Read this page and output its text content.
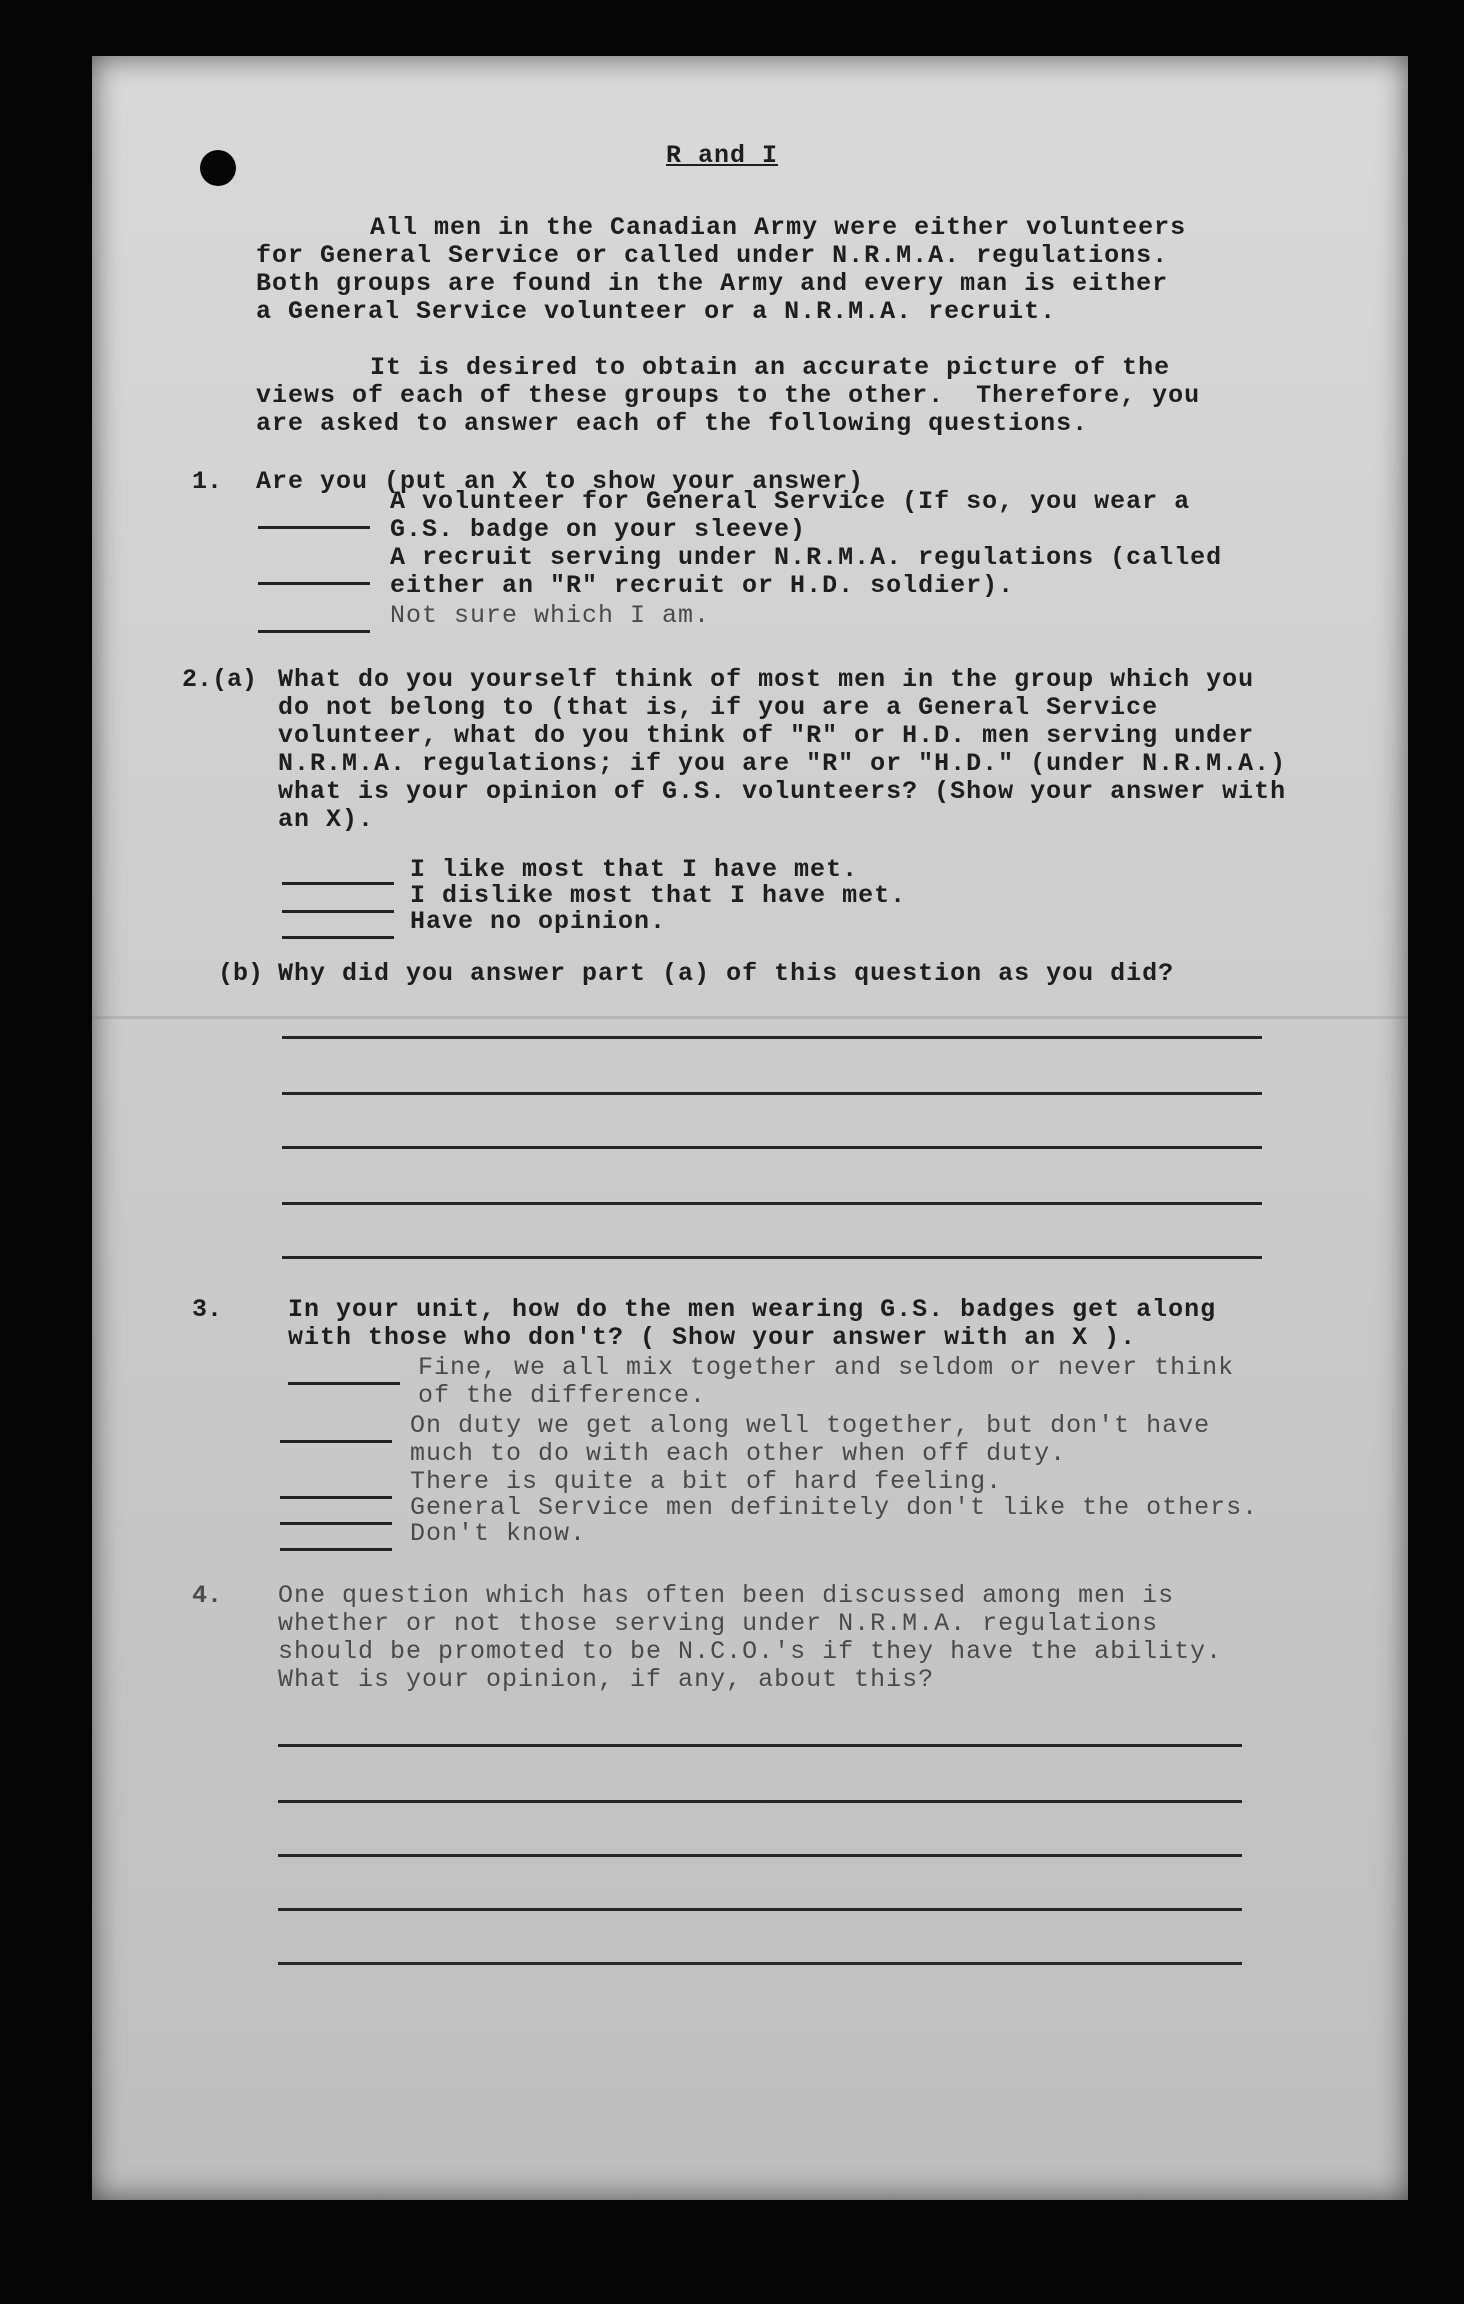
R and I
All men in the Canadian Army were either volunteers
for General Service or called under N.R.M.A. regulations.
Both groups are found in the Army and every man is either
a General Service volunteer or a N.R.M.A. recruit.
It is desired to obtain an accurate picture of the
views of each of these groups to the other.  Therefore, you
are asked to answer each of the following questions.
1. Are you (put an X to show your answer)
A volunteer for General Service (If so, you wear a
G.S. badge on your sleeve)
A recruit serving under N.R.M.A. regulations (called
either an "R" recruit or H.D. soldier).
Not sure which I am.
2.(a) What do you yourself think of most men in the group which you
do not belong to (that is, if you are a General Service
volunteer, what do you think of "R" or H.D. men serving under
N.R.M.A. regulations; if you are "R" or "H.D." (under N.R.M.A.)
what is your opinion of G.S. volunteers? (Show your answer with
an X).
I like most that I have met.
I dislike most that I have met.
Have no opinion.
(b) Why did you answer part (a) of this question as you did?
3.	In your unit, how do the men wearing G.S. badges get along
with those who don't? ( Show your answer with an X ).
Fine, we all mix together and seldom or never think
of the difference.
On duty we get along well together, but don't have
much to do with each other when off duty.
There is quite a bit of hard feeling.
General Service men definitely don't like the others.
Don't know.
4. One question which has often been discussed among men is
whether or not those serving under N.R.M.A. regulations
should be promoted to be N.C.O.'s if they have the ability.
What is your opinion, if any, about this?
